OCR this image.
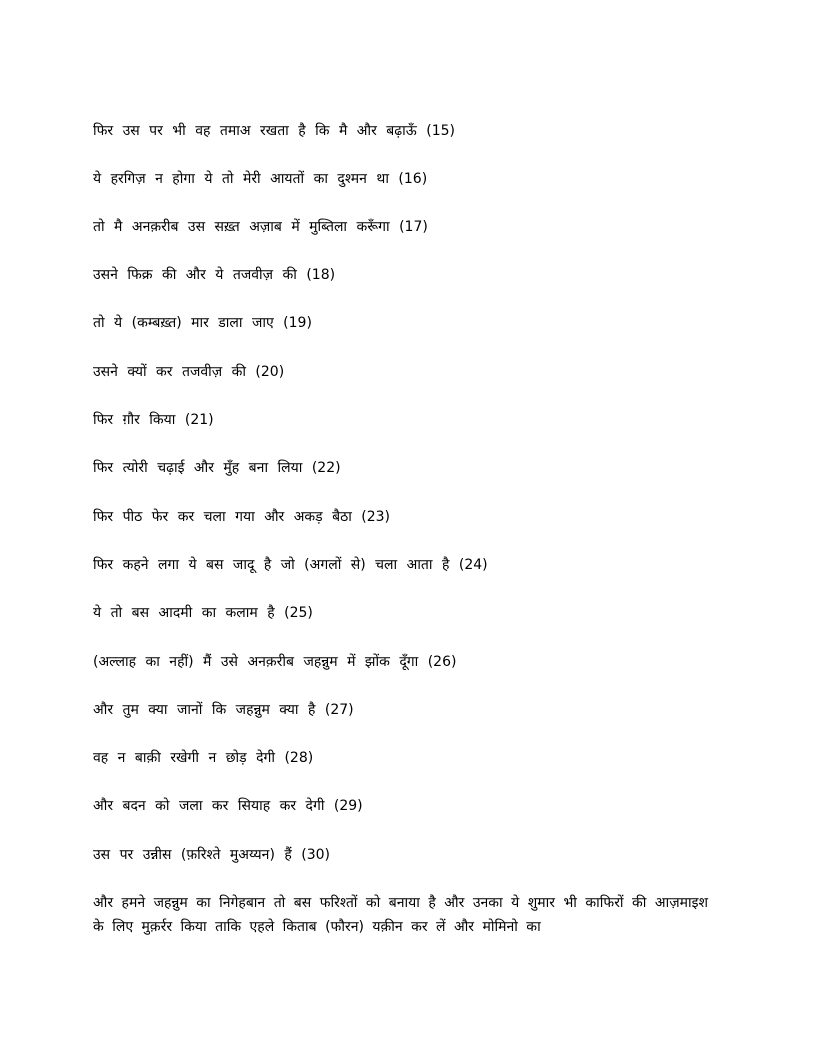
फिर उस पर भी वह तमाअ रखता है कि मै और बढ़ाऊँ (15)
ये हरगिज़ न होगा ये तो मेरी आयतों का दुश्मन था (16)
तो मै अनक़रीब उस सख़्त अज़ाब में मुब्तिला करूँगा (17)
उसने फिक्र की और ये तजवीज़ की (18)
तो ये (कम्बख़्त) मार डाला जाए (19)
उसने क्यों कर तजवीज़ की (20)
फिर ग़ौर किया (21)
फिर त्योरी चढ़ाई और मुँह बना लिया (22)
फिर पीठ फेर कर चला गया और अकड़ बैठा (23)
फिर कहने लगा ये बस जादू है जो (अगलों से) चला आता है (24)
ये तो बस आदमी का कलाम है (25)
(अल्लाह का नहीं) मैं उसे अनक़रीब जहन्नुम में झोंक दूँगा (26)
और तुम क्या जानों कि जहन्नुम क्या है (27)
वह न बाक़ी रखेगी न छोड़ देगी (28)
और बदन को जला कर सियाह कर देगी (29)
उस पर उन्नीस (फ़रिश्ते मुअय्यन) हैं (30)
और हमने जहन्नुम का निगेहबान तो बस फरिश्तों को बनाया है और उनका ये शुमार भी काफिरों की आज़माइश के लिए मुक़र्रर किया ताकि एहले किताब (फौरन) यक़ीन कर लें और मोमिनो का
